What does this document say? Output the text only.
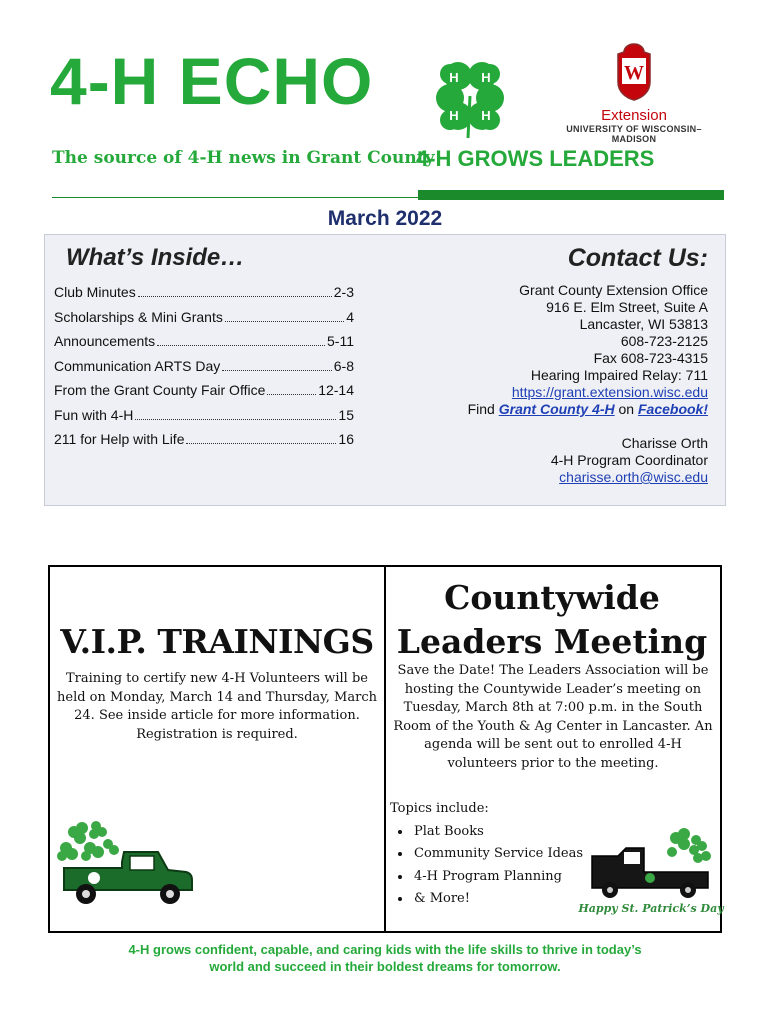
4-H ECHO
The source of 4-H news in Grant County
H H
H H
W
Extension
UNIVERSITY OF WISCONSIN–MADISON
4-H GROWS LEADERS
March 2022
What’s Inside…	Contact Us:
Club Minutes	2-3
Scholarships & Mini Grants	4
Announcements	5-11
Communication ARTS Day	6-8
From the Grant County Fair Office	12-14
Fun with 4-H	15
211 for Help with Life	16
Grant County Extension Office
916 E. Elm Street, Suite A
Lancaster, WI 53813
608-723-2125
Fax 608-723-4315
Hearing Impaired Relay: 711
https://grant.extension.wisc.edu
Find Grant County 4-H on Facebook!
Charisse Orth
4-H Program Coordinator
charisse.orth@wisc.edu
V.I.P. TRAININGS
Training to certify new 4-H Volunteers will be held on Monday, March 14 and Thursday, March 24. See inside article for more information. Registration is required.
Countywide
Leaders Meeting
Save the Date! The Leaders Association will be hosting the Countywide Leader’s meeting on Tuesday, March 8th at 7:00 p.m. in the South Room of the Youth & Ag Center in Lancaster. An agenda will be sent out to enrolled 4-H volunteers prior to the meeting.
Topics include:
• Plat Books
• Community Service Ideas
• 4-H Program Planning
• & More!
Happy St. Patrick’s Day
4-H grows confident, capable, and caring kids with the life skills to thrive in today’s
world and succeed in their boldest dreams for tomorrow.
